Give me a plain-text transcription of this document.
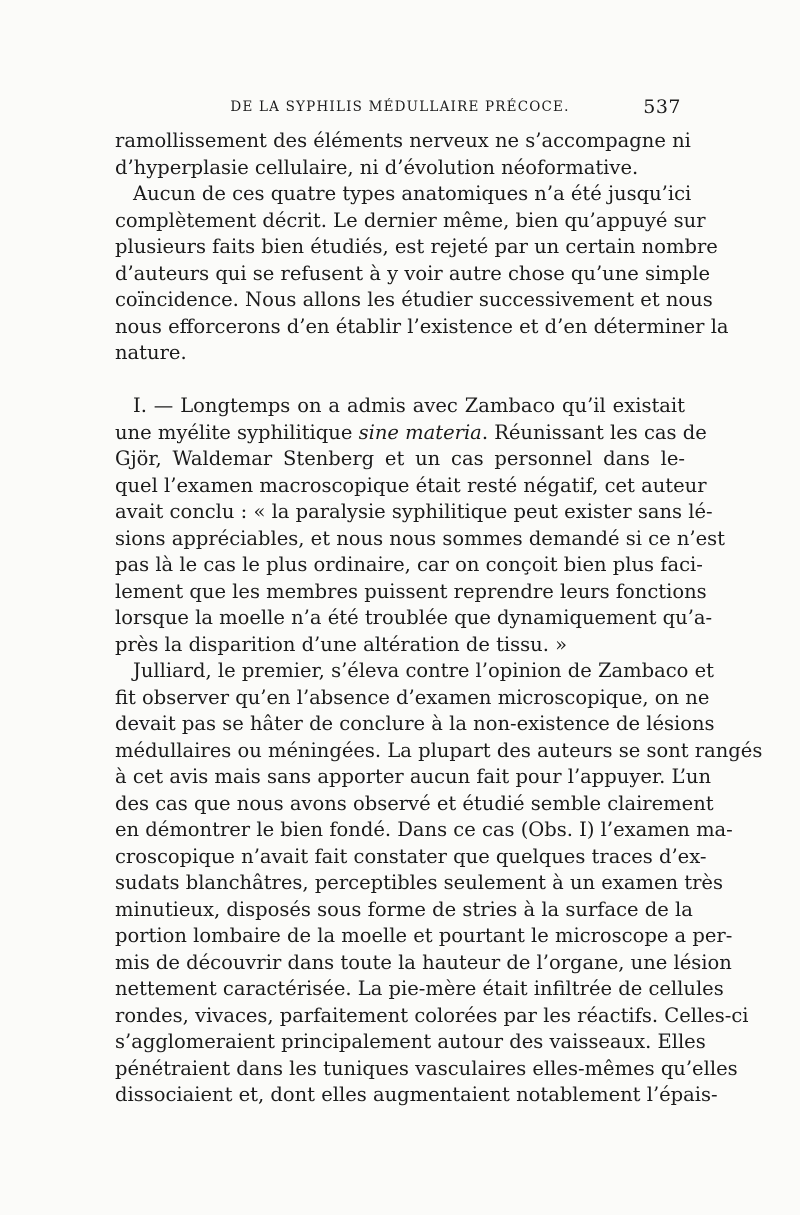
DE LA SYPHILIS MÉDULLAIRE PRÉCOCE.	537
ramollissement des éléments nerveux ne s’accompagne ni
d’hyperplasie cellulaire, ni d’évolution néoformative.
Aucun de ces quatre types anatomiques n’a été jusqu’ici
complètement décrit. Le dernier même, bien qu’appuyé sur
plusieurs faits bien étudiés, est rejeté par un certain nombre
d’auteurs qui se refusent à y voir autre chose qu’une simple
coïncidence. Nous allons les étudier successivement et nous
nous efforcerons d’en établir l’existence et d’en déterminer la
nature.
I. — Longtemps on a admis avec Zambaco qu’il existait
une myélite syphilitique sine materia. Réunissant les cas de
Gjör, Waldemar Stenberg et un cas personnel dans le-
quel l’examen macroscopique était resté négatif, cet auteur
avait conclu : « la paralysie syphilitique peut exister sans lé-
sions appréciables, et nous nous sommes demandé si ce n’est
pas là le cas le plus ordinaire, car on conçoit bien plus faci-
lement que les membres puissent reprendre leurs fonctions
lorsque la moelle n’a été troublée que dynamiquement qu’a-
près la disparition d’une altération de tissu. »
Julliard, le premier, s’éleva contre l’opinion de Zambaco et
fit observer qu’en l’absence d’examen microscopique, on ne
devait pas se hâter de conclure à la non-existence de lésions
médullaires ou méningées. La plupart des auteurs se sont rangés
à cet avis mais sans apporter aucun fait pour l’appuyer. L’un
des cas que nous avons observé et étudié semble clairement
en démontrer le bien fondé. Dans ce cas (Obs. I) l’examen ma-
croscopique n’avait fait constater que quelques traces d’ex-
sudats blanchâtres, perceptibles seulement à un examen très
minutieux, disposés sous forme de stries à la surface de la
portion lombaire de la moelle et pourtant le microscope a per-
mis de découvrir dans toute la hauteur de l’organe, une lésion
nettement caractérisée. La pie-mère était infiltrée de cellules
rondes, vivaces, parfaitement colorées par les réactifs. Celles-ci
s’agglomeraient principalement autour des vaisseaux. Elles
pénétraient dans les tuniques vasculaires elles-mêmes qu’elles
dissociaient et, dont elles augmentaient notablement l’épais-
